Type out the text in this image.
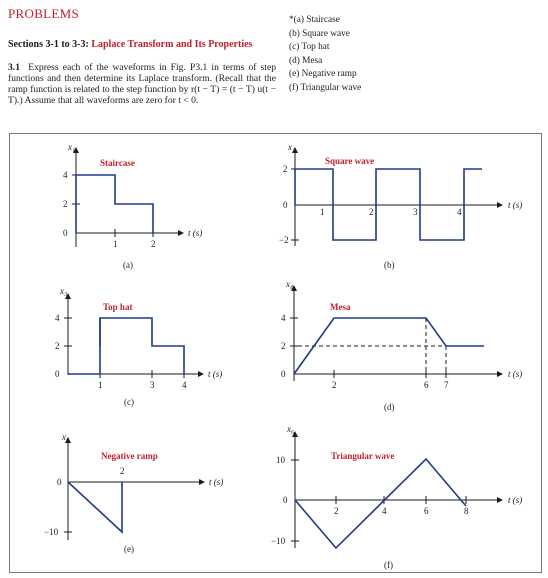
PROBLEMS
Sections 3-1 to 3-3: Laplace Transform and Its Properties
3.1 Express each of the waveforms in Fig. P3.1 in terms of step functions and then determine its Laplace transform. (Recall that the ramp function is related to the step function by r(t − T) = (t − T) u(t − T).) Assume that all waveforms are zero for t < 0.
*(a) Staircase
(b) Square wave
(c) Top hat
(d) Mesa
(e) Negative ramp
(f) Triangular wave
x₁
Staircase
4
2
0
1	2
t (s)
(a)
x₂
Square wave
2
0
−2
1	2	3	4
t (s)
(b)
x₃
Top hat
4
2
0
1	3	4
t (s)
(c)
x₄
Mesa
4
2
0
2	6 7
t (s)
(d)
x₅
Negative ramp
0
−10
2
t (s)
(e)
x₆
Triangular wave
10
0
−10
2	4	6	8
t (s)
(f)
